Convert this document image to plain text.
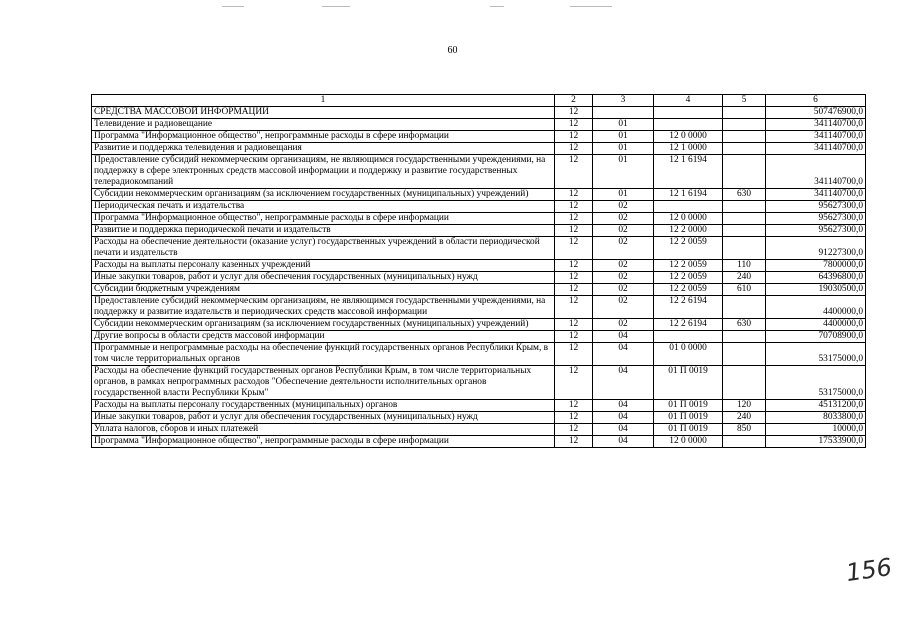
60
1	2	3	4	5	6
СРЕДСТВА МАССОВОЙ ИНФОРМАЦИИ	12				507476900,0
Телевидение и радиовещание	12	01			341140700,0
Программа "Информационное общество", непрограммные расходы в сфере информации	12	01	12 0 0000		341140700,0
Развитие и поддержка телевидения и радиовещания	12	01	12 1 0000		341140700,0
Предоставление субсидий некоммерческим организациям, не являющимся государственными учреждениями, на поддержку в сфере электронных средств массовой информации и поддержку и развитие государственных телерадиокомпаний	12	01	12 1 6194		341140700,0
Субсидии некоммерческим организациям (за исключением государственных (муниципальных) учреждений)	12	01	12 1 6194	630	341140700,0
Периодическая печать и издательства	12	02			95627300,0
Программа "Информационное общество", непрограммные расходы в сфере информации	12	02	12 0 0000		95627300,0
Развитие и поддержка периодической печати и издательств	12	02	12 2 0000		95627300,0
Расходы на обеспечение деятельности (оказание услуг) государственных учреждений в области периодической печати и издательств	12	02	12 2 0059		91227300,0
Расходы на выплаты персоналу казенных учреждений	12	02	12 2 0059	110	7800000,0
Иные закупки товаров, работ и услуг для обеспечения государственных (муниципальных) нужд	12	02	12 2 0059	240	64396800,0
Субсидии бюджетным учреждениям	12	02	12 2 0059	610	19030500,0
Предоставление субсидий некоммерческим организациям, не являющимся государственными учреждениями, на поддержку и развитие издательств и периодических средств массовой информации	12	02	12 2 6194		4400000,0
Субсидии некоммерческим организациям (за исключением государственных (муниципальных) учреждений)	12	02	12 2 6194	630	4400000,0
Другие вопросы в области средств массовой информации	12	04			70708900,0
Программные и непрограммные расходы на обеспечение функций государственных органов Республики Крым, в том числе территориальных органов	12	04	01 0 0000		53175000,0
Расходы на обеспечение функций государственных органов Республики Крым, в том числе территориальных органов, в рамках непрограммных расходов "Обеспечение деятельности исполнительных органов государственной власти Республики Крым"	12	04	01 П 0019		53175000,0
Расходы на выплаты персоналу государственных (муниципальных) органов	12	04	01 П 0019	120	45131200,0
Иные закупки товаров, работ и услуг для обеспечения государственных (муниципальных) нужд	12	04	01 П 0019	240	8033800,0
Уплата налогов, сборов и иных платежей	12	04	01 П 0019	850	10000,0
Программа "Информационное общество", непрограммные расходы в сфере информации	12	04	12 0 0000		17533900,0
156
